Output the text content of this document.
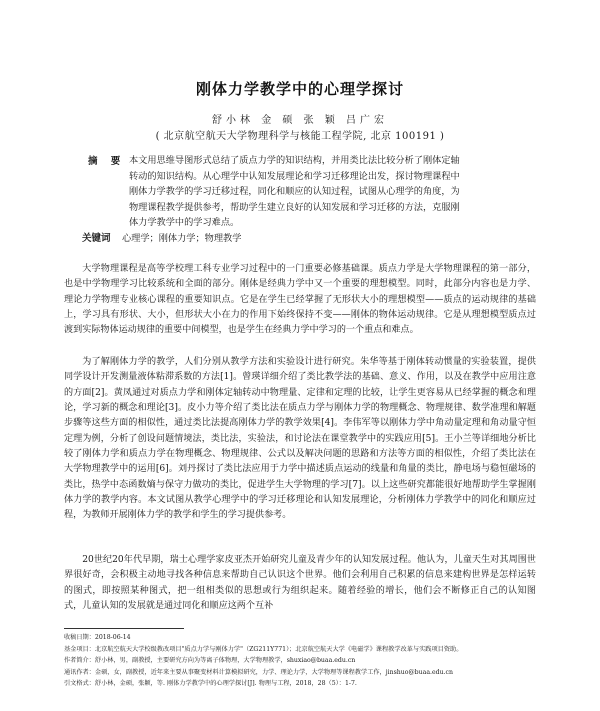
刚体力学教学中的心理学探讨
舒小林 金 硕 张 颖 吕广宏
( 北京航空航天大学物理科学与核能工程学院, 北京 100191 )
摘 要 本文用思维导图形式总结了质点力学的知识结构，并用类比法比较分析了刚体定轴
转动的知识结构。从心理学中认知发展理论和学习迁移理论出发，探讨物理课程中
刚体力学教学的学习迁移过程，同化和顺应的认知过程，试图从心理学的角度，为
物理课程教学提供参考，帮助学生建立良好的认知发展和学习迁移的方法，克服刚
体力学教学中的学习难点。
关键词 心理学；刚体力学；物理教学

大学物理课程是高等学校理工科专业学习过程中的一门重要必修基础课。质点力学是大学物理课程的第一部分，也是中学物理学习比较系统和全面的部分。刚体是经典力学中又一个重要的理想模型。同时，此部分内容也是力学、理论力学物理专业核心课程的重要知识点。它是在学生已经掌握了无形状大小的理想模型——质点的运动规律的基础上，学习具有形状、大小，但形状大小在力的作用下始终保持不变——刚体的物体运动规律。它是从理想模型质点过渡到实际物体运动规律的重要中间模型，也是学生在经典力学中学习的一个重点和难点。

为了解刚体力学的教学，人们分别从教学方法和实验设计进行研究。朱华等基于刚体转动惯量的实验装置，提供同学设计开发测量液体粘滞系数的方法[1]。曾瑛详细介绍了类比教学法的基础、意义、作用，以及在教学中应用注意的方面[2]。黄凤通过对质点力学和刚体定轴转动中物理量、定律和定理的比较，让学生更容易从已经掌握的概念和理论，学习新的概念和理论[3]。皮小力等介绍了类比法在质点力学与刚体力学的物理概念、物理规律、数学准理和解题步骤等这些方面的相似性，通过类比法提高刚体力学的教学效果[4]。李伟军等以刚体力学中角动量定理和角动量守恒定理为例，分析了创设问题情境法，类比法，实验法，和讨论法在课堂教学中的实践应用[5]。王小兰等详细地分析比较了刚体力学和质点力学在物理概念、物理规律、公式以及解决问题的思路和方法等方面的相似性，介绍了类比法在大学物理教学中的运用[6]。刘丹探讨了类比法应用于力学中描述质点运动的线量和角量的类比，静电场与稳恒磁场的类比，热学中态函数熵与保守力做功的类比，促进学生大学物理的学习[7]。以上这些研究都能很好地帮助学生掌握刚体力学的教学内容。本文试图从教学心理学中的学习迁移理论和认知发展理论，分析刚体力学教学中的同化和顺应过程，为教师开展刚体力学的教学和学生的学习提供参考。

20世纪20年代早期，瑞士心理学家皮亚杰开始研究儿童及青少年的认知发展过程。他认为，儿童天生对其周围世界很好奇，会积极主动地寻找各种信息来帮助自己认识这个世界。他们会利用自己积累的信息来建构世界是怎样运转的图式，即按照某种图式，把一组相类似的思想或行为组织起来。随着经验的增长，他们会不断修正自己的认知图式，儿童认知的发展就是通过同化和顺应这两个互补

收稿日期：2018-06-14
基金项目：北京航空航天大学校级教改项目"质点力学与刚体力学"（ZG211Y771）；北京航空航天大学《电磁学》课程教学改革与实践项目资助。
作者简介：舒小林，男，副教授，主要研究方向为等离子体物理，大学物理教学，shuxiao@buaa.edu.cn
通讯作者：金硕，女，副教授，近年来主要从事聚变材料计算模拟研究，力学、理论力学，大学物理等课程教学工作，jinshuo@buaa.edu.cn
引文格式：舒小林，金硕，张颖，等. 刚体力学教学中的心理学探讨[J]. 物理与工程，2018，28（5）：1-7.
